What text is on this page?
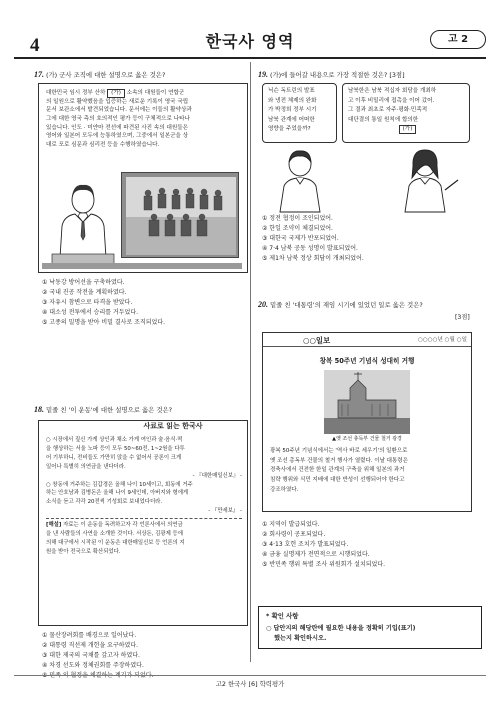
4	한국사 영역	고 2
17. (가) 군사 조직에 대한 설명으로 옳은 것은?
대한민국 임시 정부 산하 (가) 소속의 대원들이 연합군
의 일원으로 활약했음을 입증하는 새로운 기록이 영국 국립
문서 보관소에서 발견되었습니다. 문서에는 이들의 활약상과
그에 대한 영국 측의 호의적인 평가 등이 구체적으로 나타나
있습니다. 인도 · 미얀마 전선에 파견된 사진 속의 대원들은
영어와 일본어 모두에 능통하였으며, 그중에서 일본군을 상
대로 포로 심문과 심리전 등을 수행하였습니다.
① 낙동강 방어선을 구축하였다.
② 국내 진공 작전을 계획하였다.
③ 자유시 참변으로 타격을 받았다.
④ 대소성 전투에서 승리를 거두었다.
⑤ 고종의 밀명을 받아 비밀 결사로 조직되었다.
18. 밑줄 친 '이 운동'에 대한 설명으로 옳은 것은?
사료로 읽는 한국사
○ 시장에서 짚신 가게 상인과 채소 가게 여인과 술·음식·떡
을 행상하는 서울 노파 등이 모두 50~60전, 1~2원을 다투
어 기부하니, 전비들도 가만히 앉을 수 없어서 공론이 크게
일어나 특별히 의연금을 낸다더라.

- 『대한매일신보』 -
○ 창동에 거주하는 김갑경은 올해 나이 10세이고, 회동에 거주
하는 안호남과 김병돈은 올해 나이 9세인데, 아버지와 형에게
소식을 듣고 각각 20전씩 기성회로 보내었다더라.

- 『만세보』 -
[해설] 자료는 이 운동을 독려하고자 각 언론사에서 의연금
을 낸 사람들의 사연을 소개한 것이다. 서상돈, 김광제 등에
의해 대구에서 시작된 이 운동은 대한매일신보 등 언론의 지
원을 받아 전국으로 확산되었다.
① 물산장려회를 배경으로 일어났다.
② 대통령 직선제 개헌을 요구하였다.
③ 대한 제국의 국채를 갚고자 하였다.
④ 차경 선도와 정체권회를 주장하였다.
⑤ 민족 의 협정을 체결하는 계기가 되었다.
19. (가)에 들어갈 내용으로 가장 적절한 것은? [3점]
닉슨 독트린의 발표
와 냉전 체제의 완화
가 박정희 정부 시기
남북 관계에 어떠한
영향을 주었을까?
남북한은 남북 적십자 회담을 개최하
고 이후 비밀리에 접촉을 이어 갔어.
그 결과 최초로 자주·평화·민족적
대단결의 통일 원칙에 합의한

(가)
① 정전 협정이 조인되었어.
② 한일 조약이 체결되었어.
③ 대한국 국제가 반포되었어.
④ 7·4 남북 공동 성명이 발표되었어.
⑤ 제1차 남북 정상 회담이 개최되었어.
20. 밑줄 친 '대통령'의 재임 시기에 있었던 일로 옳은 것은?
[3점]
○○일보	○○○○년 ○월 ○일
창복 50주년 기념식 성대히 거행
▲옛 조선 총독부 건물 철거 광경
광복 50주년 기념식에서는 '역사 바로 세우기'의 일환으로
옛 조선 총독부 건물의 철거 행사가 열렸다. 이날 대통령은
경축사에서 건전한 한일 관계의 구축을 위해 일본의 과거
침략 행위와 식민 지배에 대한 반성이 선행되어야 한다고
강조하였다.
① 지역이 발급되었다.
② 회사령이 공포되었다.
③ 4·13 호헌 조치가 발표되었다.
④ 금융 실명제가 전면적으로 시행되었다.
⑤ 반민족 행위 특별 조사 위원회가 설치되었다.
* 확인 사항
○ 답안지의 해당란에 필요한 내용을 정확히 기입(표기)
했는지 확인하시오.
고2 한국사 [6] 학력평가
